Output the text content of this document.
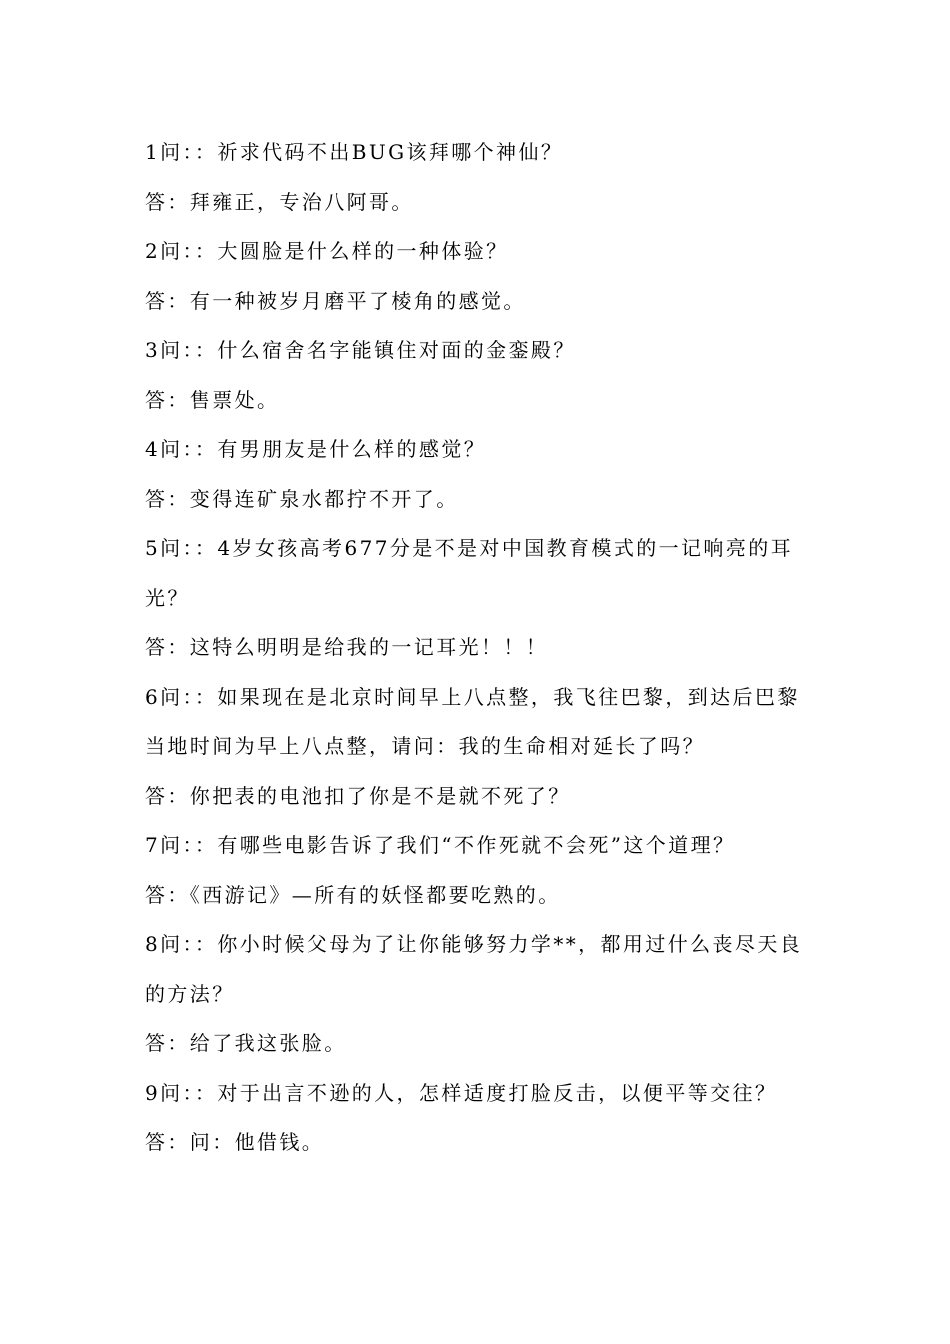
1问：：祈求代码不出BUG该拜哪个神仙？
答：拜雍正，专治八阿哥。
2问：：大圆脸是什么样的一种体验？
答：有一种被岁月磨平了棱角的感觉。
3问：：什么宿舍名字能镇住对面的金銮殿？
答：售票处。
4问：：有男朋友是什么样的感觉？
答：变得连矿泉水都拧不开了。
5问：：4岁女孩高考677分是不是对中国教育模式的一记响亮的耳光？
答：这特么明明是给我的一记耳光！！！
6问：：如果现在是北京时间早上八点整，我飞往巴黎，到达后巴黎当地时间为早上八点整，请问：我的生命相对延长了吗？
答：你把表的电池扣了你是不是就不死了？
7问：：有哪些电影告诉了我们“不作死就不会死”这个道理？
答：《西游记》—所有的妖怪都要吃熟的。
8问：：你小时候父母为了让你能够努力学**，都用过什么丧尽天良的方法？
答：给了我这张脸。
9问：：对于出言不逊的人，怎样适度打脸反击，以便平等交往？
答：问：他借钱。
